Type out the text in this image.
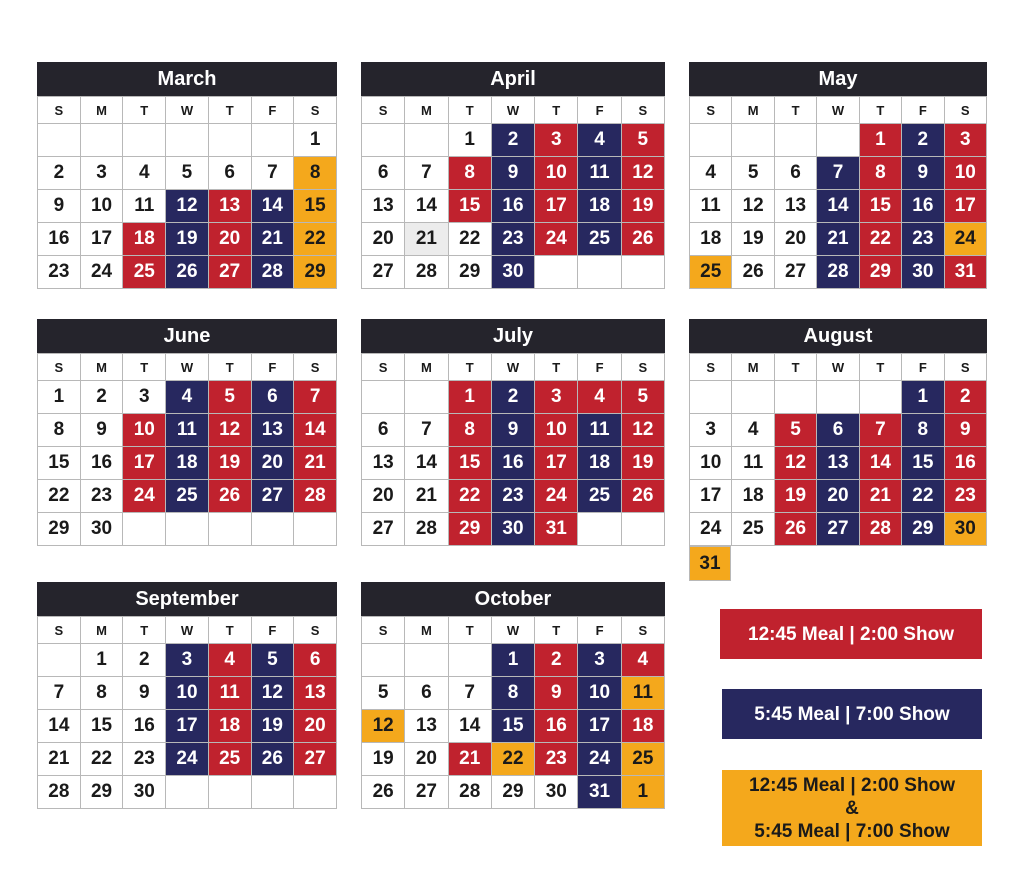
March
S	M	T	W	T	F	S
						1
2	3	4	5	6	7	8
9	10	11	12	13	14	15
16	17	18	19	20	21	22
23	24	25	26	27	28	29
April
S	M	T	W	T	F	S
		1	2	3	4	5
6	7	8	9	10	11	12
13	14	15	16	17	18	19
20	21	22	23	24	25	26
27	28	29	30			
May
S	M	T	W	T	F	S
				1	2	3
4	5	6	7	8	9	10
11	12	13	14	15	16	17
18	19	20	21	22	23	24
25	26	27	28	29	30	31
June
S	M	T	W	T	F	S
1	2	3	4	5	6	7
8	9	10	11	12	13	14
15	16	17	18	19	20	21
22	23	24	25	26	27	28
29	30					
July
S	M	T	W	T	F	S
		1	2	3	4	5
6	7	8	9	10	11	12
13	14	15	16	17	18	19
20	21	22	23	24	25	26
27	28	29	30	31		
August
S	M	T	W	T	F	S
					1	2
3	4	5	6	7	8	9
10	11	12	13	14	15	16
17	18	19	20	21	22	23
24	25	26	27	28	29	30
31
September
S	M	T	W	T	F	S
	1	2	3	4	5	6
7	8	9	10	11	12	13
14	15	16	17	18	19	20
21	22	23	24	25	26	27
28	29	30				
October
S	M	T	W	T	F	S
			1	2	3	4
5	6	7	8	9	10	11
12	13	14	15	16	17	18
19	20	21	22	23	24	25
26	27	28	29	30	31	1
12:45 Meal | 2:00 Show
5:45 Meal | 7:00 Show
12:45 Meal | 2:00 Show
&
5:45 Meal | 7:00 Show
